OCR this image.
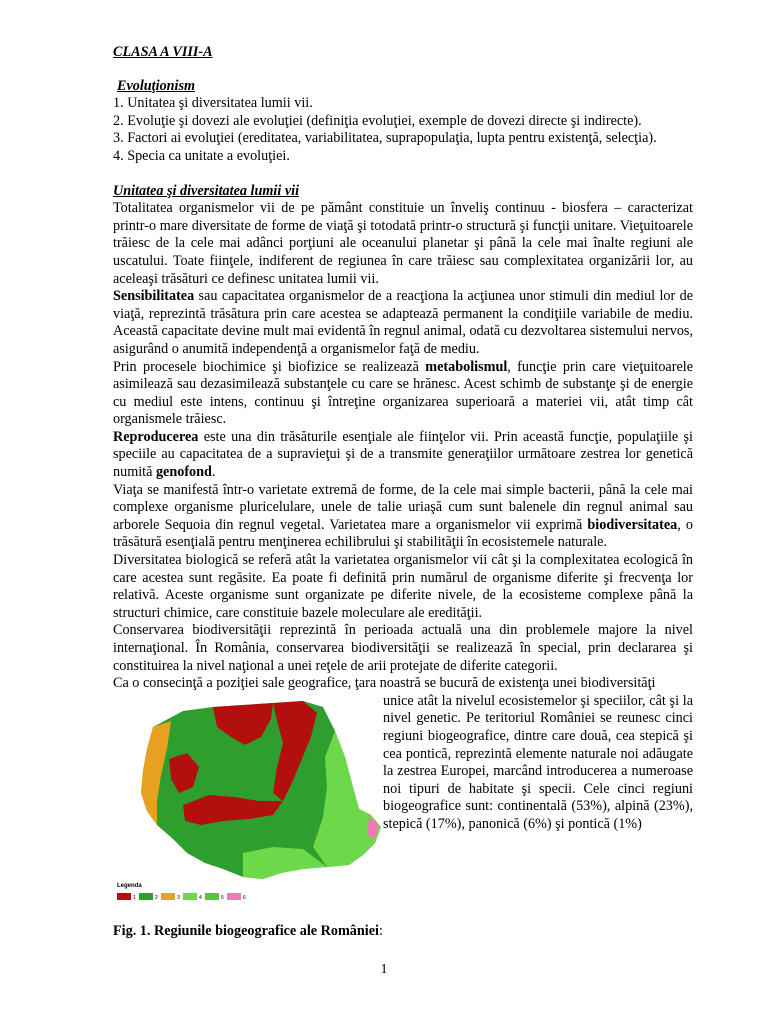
CLASA A VIII-A
Evoluţionism
1. Unitatea şi diversitatea lumii vii.
2. Evoluţie şi dovezi ale evoluţiei (definiţia evoluţiei, exemple de dovezi directe şi indirecte).
3. Factori ai evoluţiei (ereditatea, variabilitatea, suprapopulaţia, lupta pentru existenţă, selecţia).
4. Specia ca unitate a evoluţiei.
Unitatea şi diversitatea lumii vii

Totalitatea organismelor vii de pe pământ constituie un înveliş continuu - biosfera – caracterizat printr-o mare diversitate de forme de viaţă şi totodată printr-o structură şi funcţii unitare. Vieţuitoarele trăiesc de la cele mai adânci porţiuni ale oceanului planetar şi până la cele mai înalte regiuni ale uscatului. Toate fiinţele, indiferent de regiunea în care trăiesc sau complexitatea organizării lor, au aceleaşi trăsături ce definesc unitatea lumii vii.

Sensibilitatea sau capacitatea organismelor de a reacţiona la acţiunea unor stimuli din mediul lor de viaţă, reprezintă trăsătura prin care acestea se adaptează permanent la condiţiile variabile de mediu. Această capacitate devine mult mai evidentă în regnul animal, odată cu dezvoltarea sistemului nervos, asigurând o anumită independenţă a organismelor faţă de mediu.

Prin procesele biochimice şi biofizice se realizează metabolismul, funcţie prin care vieţuitoarele asimilează sau dezasimilează substanţele cu care se hrănesc. Acest schimb de substanţe şi de energie cu mediul este intens, continuu şi întreţine organizarea superioară a materiei vii, atât timp cât organismele trăiesc.

Reproducerea este una din trăsăturile esenţiale ale fiinţelor vii. Prin această funcţie, populaţiile şi speciile au capacitatea de a supravieţui şi de a transmite generaţiilor următoare zestrea lor genetică numită genofond.

Viaţa se manifestă într-o varietate extremă de forme, de la cele mai simple bacterii, până la cele mai complexe organisme pluricelulare, unele de talie uriaşă cum sunt balenele din regnul animal sau arborele Sequoia din regnul vegetal. Varietatea mare a organismelor vii exprimă biodiversitatea, o trăsătură esenţială pentru menţinerea echilibrului şi stabilităţii în ecosistemele naturale.

Diversitatea biologică se referă atât la varietatea organismelor vii cât şi la complexitatea ecologică în care acestea sunt regăsite. Ea poate fi definită prin numărul de organisme diferite şi frecvenţa lor relativă. Aceste organisme sunt organizate pe diferite nivele, de la ecosisteme complexe până la structuri chimice, care constituie bazele moleculare ale eredităţii.

Conservarea biodiversităţii reprezintă în perioada actuală una din problemele majore la nivel internaţional. În România, conservarea biodiversităţii se realizează în special, prin declararea şi constituirea la nivel naţional a unei reţele de arii protejate de diferite categorii.

Ca o consecinţă a poziţiei sale geografice, ţara noastră se bucură de existenţa unei biodiversităţi

Legenda
1	2	3	4	5	6
unice atât la nivelul ecosistemelor şi speciilor, cât şi la nivel genetic. Pe teritoriul României se reunesc cinci regiuni biogeografice, dintre care două, cea stepică şi cea pontică, reprezintă elemente naturale noi adăugate la zestrea Europei, marcând introducerea a numeroase noi tipuri de habitate şi specii. Cele cinci regiuni biogeografice sunt: continentală (53%), alpină (23%), stepică (17%), panonică (6%) şi pontică (1%)
Fig. 1. Regiunile biogeografice ale României:
1
